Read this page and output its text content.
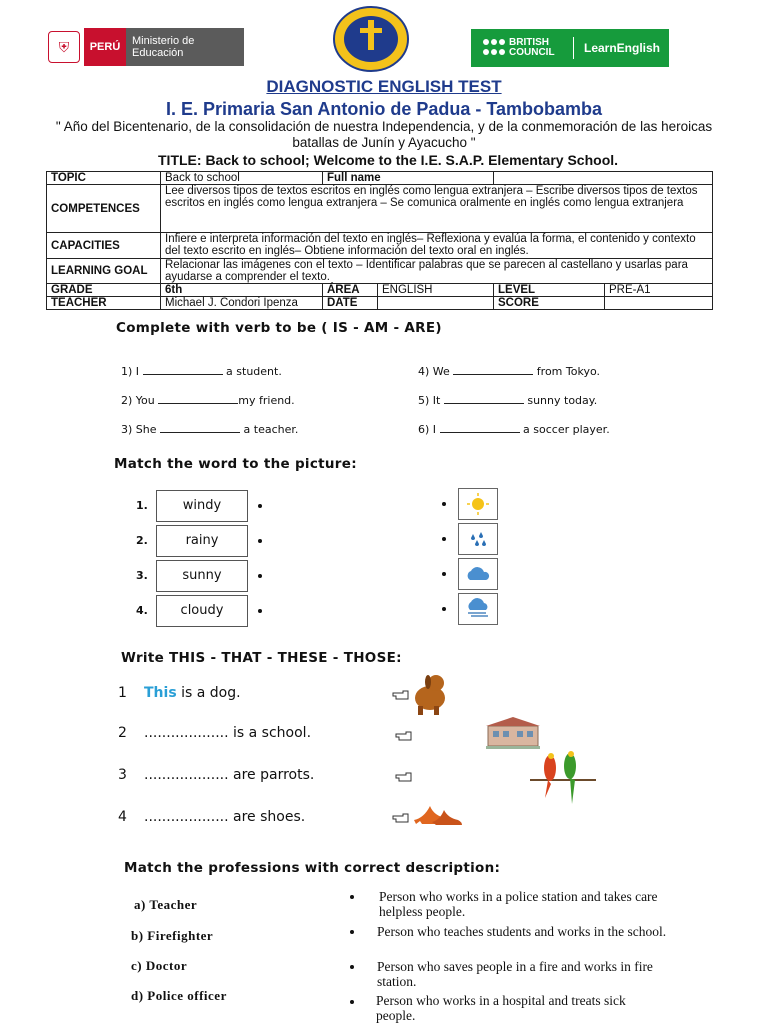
⛨	PERÚ	Ministerio de Educación
BRITISH COUNCIL	LearnEnglish
DIAGNOSTIC ENGLISH TEST
I. E. Primaria San Antonio de Padua - Tambobamba
" Año del Bicentenario, de la consolidación de nuestra Independencia, y de la conmemoración de las heroicas batallas de Junín y Ayacucho "
TITLE: Back to school; Welcome to the I.E. S.A.P. Elementary School.
TOPIC	Back to school	Full name			
COMPETENCES	Lee diversos tipos de textos escritos en inglés como lengua extranjera – Escribe diversos tipos de textos escritos en inglés como lengua extranjera – Se comunica oralmente en inglés como lengua extranjera				
CAPACITIES	Infiere e interpreta información del texto en inglés– Reflexiona y evalúa la forma, el contenido y contexto del texto escrito en inglés– Obtiene información del texto oral en inglés.				
LEARNING GOAL	Relacionar las imágenes con el texto – Identificar palabras que se parecen al castellano y usarlas para ayudarse a comprender el texto.				
GRADE	6th	ÁREA	ENGLISH	LEVEL	PRE-A1
TEACHER	Michael J. Condori Ipenza	DATE		SCORE	
Complete with verb to be ( IS - AM - ARE)
1) I	a student.
2) You	my friend.
3) She	a teacher.
4) We	from Tokyo.
5) It	sunny today.
6) I	a soccer player.
Match the word to the picture:
1.	windy
2.	rainy
3.	sunny
4.	cloudy
Write THIS - THAT - THESE - THOSE:
1 This is a dog.
2 ................... is a school.
3 ................... are parrots.
4 ................... are shoes.
Match the professions with correct description:
a) Teacher
b) Firefighter
c) Doctor
d) Police officer
Person who works in a police station and takes care helpless people.
Person who teaches students and works in the school.
Person who saves people in a fire and works in fire station.
Person who works in a hospital and treats sick people.
